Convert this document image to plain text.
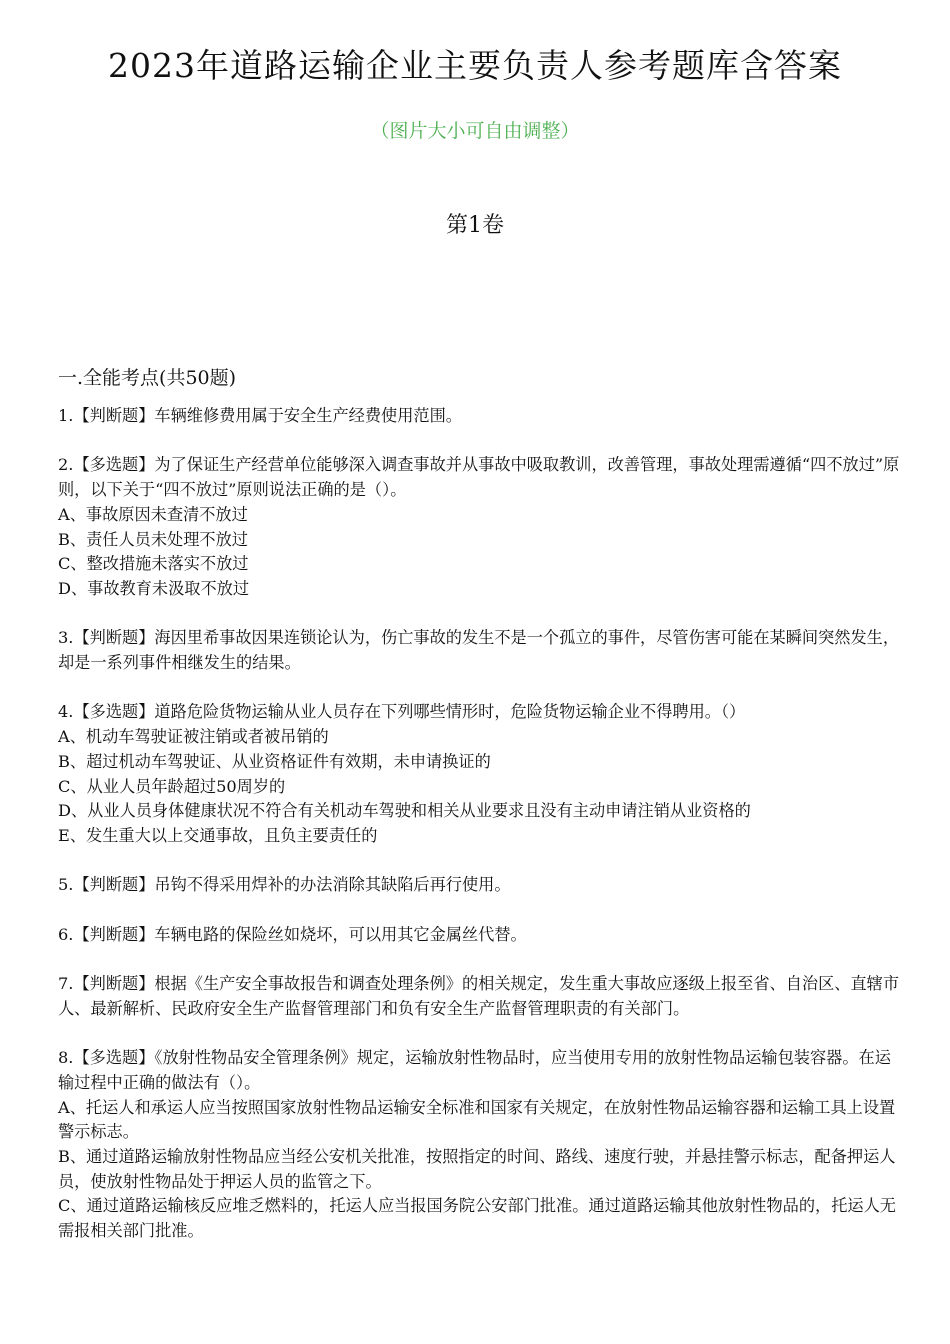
2023年道路运输企业主要负责人参考题库含答案
（图片大小可自由调整）
第1卷
一.全能考点(共50题)

1.【判断题】车辆维修费用属于安全生产经费使用范围。

2.【多选题】为了保证生产经营单位能够深入调查事故并从事故中吸取教训，改善管理，事故处理需遵循“四不放过”原则，以下关于“四不放过”原则说法正确的是（）。

A、事故原因未查清不放过

B、责任人员未处理不放过

C、整改措施未落实不放过

D、事故教育未汲取不放过

3.【判断题】海因里希事故因果连锁论认为，伤亡事故的发生不是一个孤立的事件，尽管伤害可能在某瞬间突然发生，却是一系列事件相继发生的结果。

4.【多选题】道路危险货物运输从业人员存在下列哪些情形时，危险货物运输企业不得聘用。（）

A、机动车驾驶证被注销或者被吊销的

B、超过机动车驾驶证、从业资格证件有效期，未申请换证的

C、从业人员年龄超过50周岁的

D、从业人员身体健康状况不符合有关机动车驾驶和相关从业要求且没有主动申请注销从业资格的

E、发生重大以上交通事故，且负主要责任的

5.【判断题】吊钩不得采用焊补的办法消除其缺陷后再行使用。

6.【判断题】车辆电路的保险丝如烧坏，可以用其它金属丝代替。

7.【判断题】根据《生产安全事故报告和调查处理条例》的相关规定，发生重大事故应逐级上报至省、自治区、直辖市人、最新解析、民政府安全生产监督管理部门和负有安全生产监督管理职责的有关部门。

8.【多选题】《放射性物品安全管理条例》规定，运输放射性物品时，应当使用专用的放射性物品运输包装容器。在运输过程中正确的做法有（）。

A、托运人和承运人应当按照国家放射性物品运输安全标准和国家有关规定，在放射性物品运输容器和运输工具上设置警示标志。

B、通过道路运输放射性物品应当经公安机关批准，按照指定的时间、路线、速度行驶，并悬挂警示标志，配备押运人员，使放射性物品处于押运人员的监管之下。

C、通过道路运输核反应堆乏燃料的，托运人应当报国务院公安部门批准。通过道路运输其他放射性物品的，托运人无需报相关部门批准。
